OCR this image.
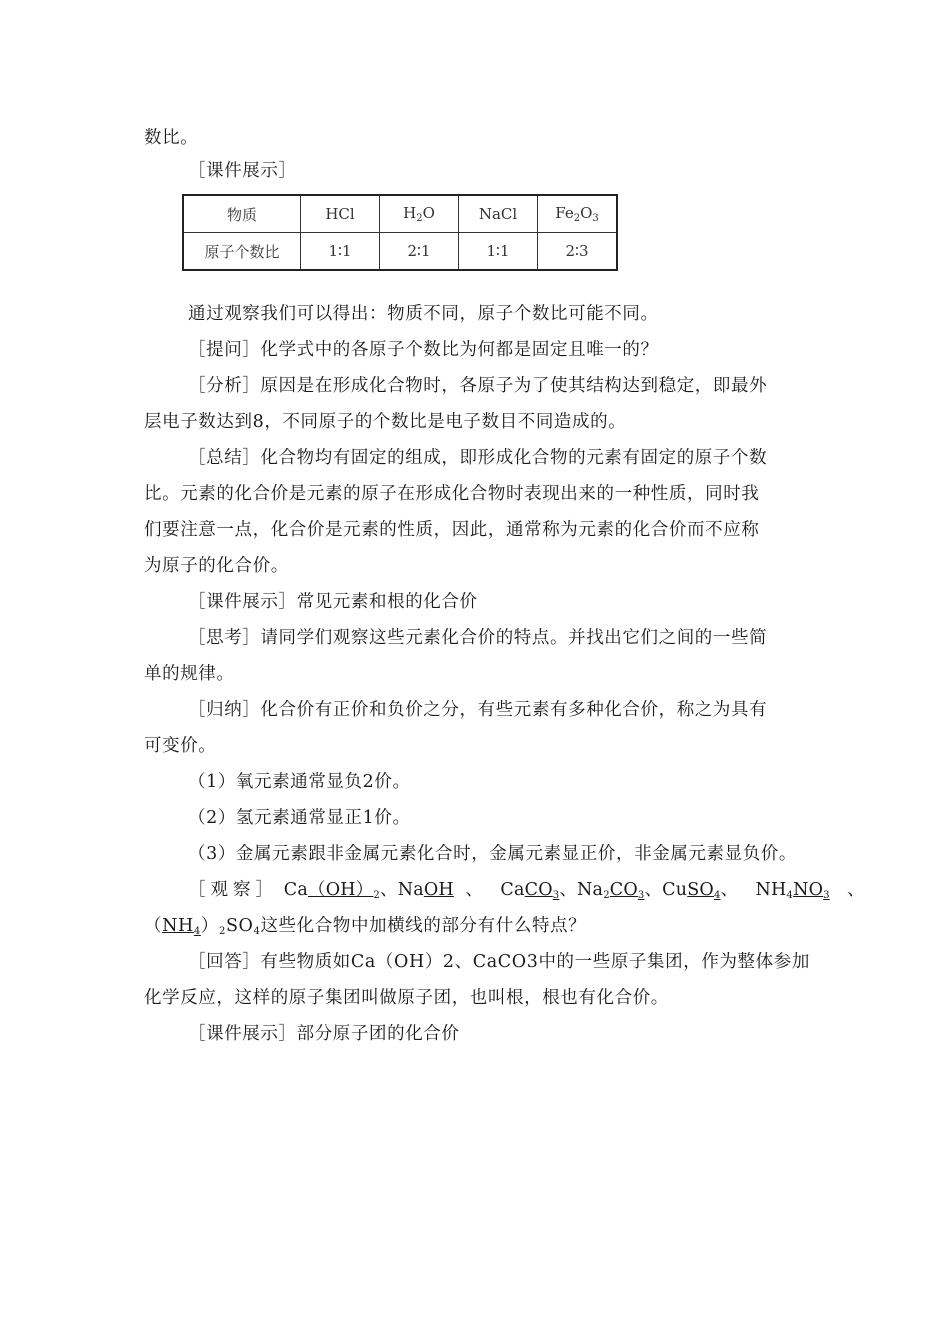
数比。
［课件展示］
物质	HCl	$H_2O$	NaCl	$Fe_2O_3$
原子个数比	1∶1	2∶1	1∶1	2∶3
通过观察我们可以得出：物质不同，原子个数比可能不同。
［提问］化学式中的各原子个数比为何都是固定且唯一的？
［分析］原因是在形成化合物时，各原子为了使其结构达到稳定，即最外
层电子数达到8，不同原子的个数比是电子数目不同造成的。
［总结］化合物均有固定的组成，即形成化合物的元素有固定的原子个数
比。元素的化合价是元素的原子在形成化合物时表现出来的一种性质，同时我
们要注意一点，化合价是元素的性质，因此，通常称为元素的化合价而不应称
为原子的化合价。
［课件展示］常见元素和根的化合价
［思考］请同学们观察这些元素化合价的特点。并找出它们之间的一些简
单的规律。
［归纳］化合价有正价和负价之分，有些元素有多种化合价，称之为具有
可变价。
（1）氧元素通常显负2价。
（2）氢元素通常显正1价。
（3）金属元素跟非金属元素化合时，金属元素显正价，非金属元素显负价。
［观察］ $Ca(OH)_2$、NaOH 、 CaCO$_3$、$Na_2CO_3$、CuSO$_4$、 $NH_4NO_3$ 、
$(NH_4)_2SO_4$这些化合物中加横线的部分有什么特点？
［回答］有些物质如Ca（OH）2、CaCO3中的一些原子集团，作为整体参加
化学反应，这样的原子集团叫做原子团，也叫根，根也有化合价。
［课件展示］部分原子团的化合价
